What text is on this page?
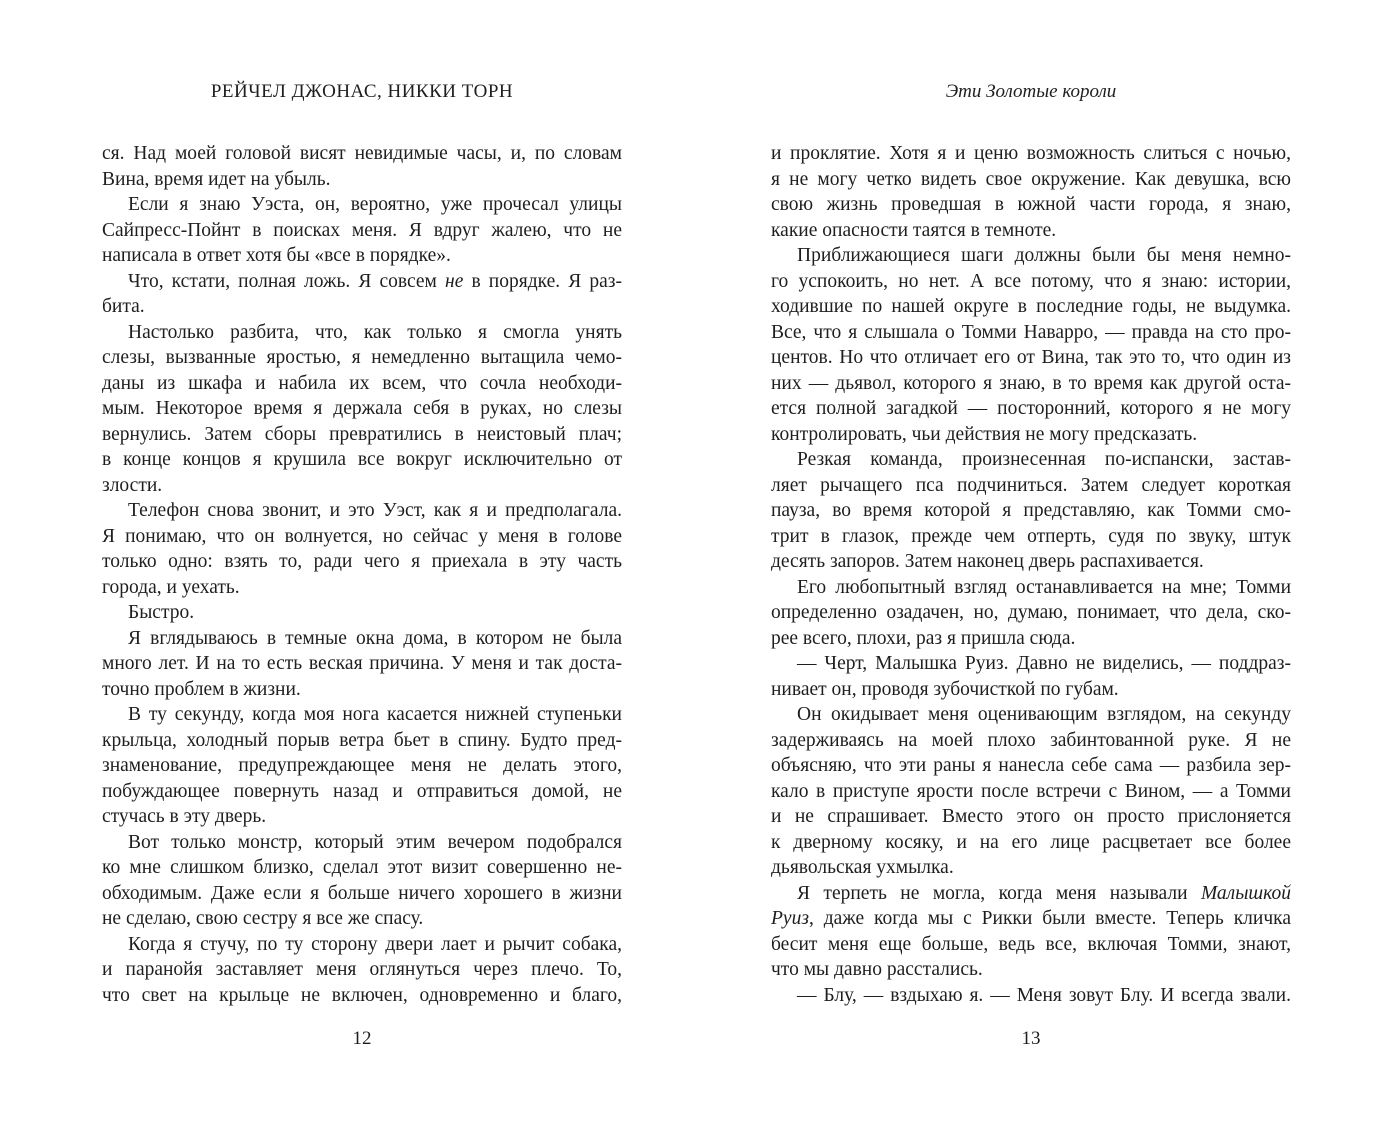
РЕЙЧЕЛ ДЖОНАС, НИККИ ТОРН
ся. Над моей головой висят невидимые часы, и, по словам
Вина, время идет на убыль.
Если я знаю Уэста, он, вероятно, уже прочесал улицы
Сайпресс-Пойнт в поисках меня. Я вдруг жалею, что не
написала в ответ хотя бы «все в порядке».
Что, кстати, полная ложь. Я совсем не в порядке. Я раз-
бита.
Настолько разбита, что, как только я смогла унять
слезы, вызванные яростью, я немедленно вытащила чемо-
даны из шкафа и набила их всем, что сочла необходи-
мым. Некоторое время я держала себя в руках, но слезы
вернулись. Затем сборы превратились в неистовый плач;
в конце концов я крушила все вокруг исключительно от
злости.
Телефон снова звонит, и это Уэст, как я и предполагала.
Я понимаю, что он волнуется, но сейчас у меня в голове
только одно: взять то, ради чего я приехала в эту часть
города, и уехать.
Быстро.
Я вглядываюсь в темные окна дома, в котором не была
много лет. И на то есть веская причина. У меня и так доста-
точно проблем в жизни.
В ту секунду, когда моя нога касается нижней ступеньки
крыльца, холодный порыв ветра бьет в спину. Будто пред-
знаменование, предупреждающее меня не делать этого,
побуждающее повернуть назад и отправиться домой, не
стучась в эту дверь.
Вот только монстр, который этим вечером подобрался
ко мне слишком близко, сделал этот визит совершенно не-
обходимым. Даже если я больше ничего хорошего в жизни
не сделаю, свою сестру я все же спасу.
Когда я стучу, по ту сторону двери лает и рычит собака,
и паранойя заставляет меня оглянуться через плечо. То,
что свет на крыльце не включен, одновременно и благо,
12
Эти Золотые короли
и проклятие. Хотя я и ценю возможность слиться с ночью,
я не могу четко видеть свое окружение. Как девушка, всю
свою жизнь проведшая в южной части города, я знаю,
какие опасности таятся в темноте.
Приближающиеся шаги должны были бы меня немно-
го успокоить, но нет. А все потому, что я знаю: истории,
ходившие по нашей округе в последние годы, не выдумка.
Все, что я слышала о Томми Наварро, — правда на сто про-
центов. Но что отличает его от Вина, так это то, что один из
них — дьявол, которого я знаю, в то время как другой оста-
ется полной загадкой — посторонний, которого я не могу
контролировать, чьи действия не могу предсказать.
Резкая команда, произнесенная по-испански, застав-
ляет рычащего пса подчиниться. Затем следует короткая
пауза, во время которой я представляю, как Томми смо-
трит в глазок, прежде чем отперть, судя по звуку, штук
десять запоров. Затем наконец дверь распахивается.
Его любопытный взгляд останавливается на мне; Томми
определенно озадачен, но, думаю, понимает, что дела, ско-
рее всего, плохи, раз я пришла сюда.
— Черт, Малышка Руиз. Давно не виделись, — поддраз-
нивает он, проводя зубочисткой по губам.
Он окидывает меня оценивающим взглядом, на секунду
задерживаясь на моей плохо забинтованной руке. Я не
объясняю, что эти раны я нанесла себе сама — разбила зер-
кало в приступе ярости после встречи с Вином, — а Томми
и не спрашивает. Вместо этого он просто прислоняется
к дверному косяку, и на его лице расцветает все более
дьявольская ухмылка.
Я терпеть не могла, когда меня называли Малышкой
Руиз, даже когда мы с Рикки были вместе. Теперь кличка
бесит меня еще больше, ведь все, включая Томми, знают,
что мы давно расстались.
— Блу, — вздыхаю я. — Меня зовут Блу. И всегда звали.
13
